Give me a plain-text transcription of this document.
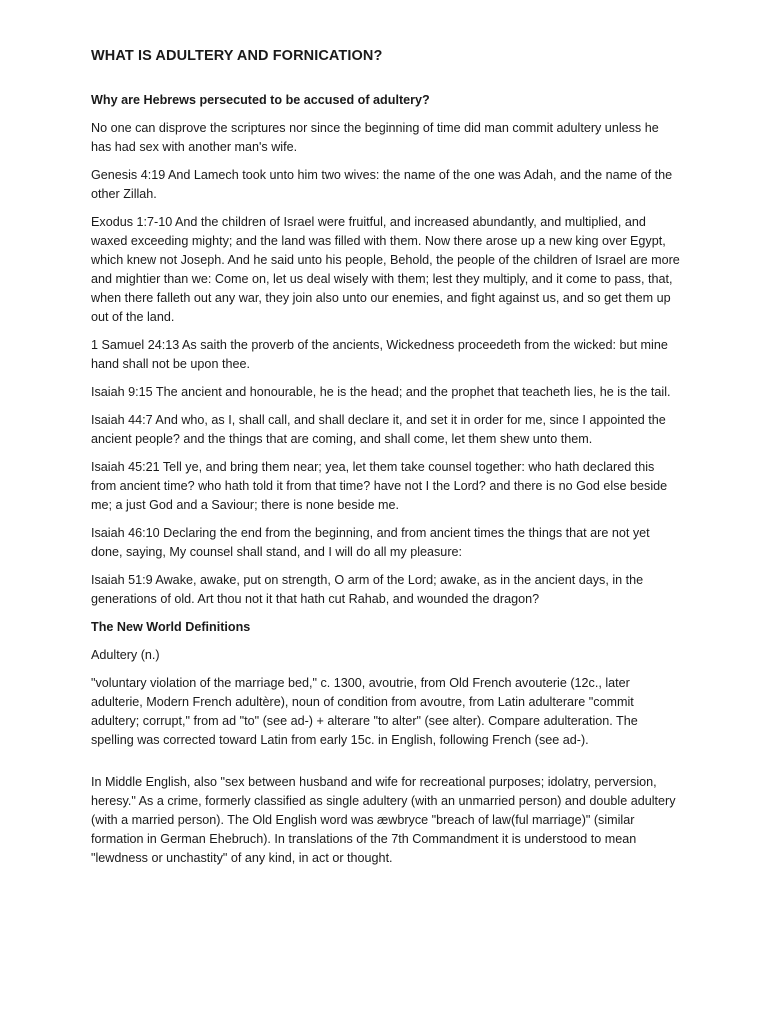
WHAT IS ADULTERY AND FORNICATION?

Why are Hebrews persecuted to be accused of adultery?

No one can disprove the scriptures nor since the beginning of time did man commit adultery unless he has had sex with another man's wife.

Genesis 4:19 And Lamech took unto him two wives: the name of the one was Adah, and the name of the other Zillah.

Exodus 1:7-10 And the children of Israel were fruitful, and increased abundantly, and multiplied, and waxed exceeding mighty; and the land was filled with them. Now there arose up a new king over Egypt, which knew not Joseph. And he said unto his people, Behold, the people of the children of Israel are more and mightier than we: Come on, let us deal wisely with them; lest they multiply, and it come to pass, that, when there falleth out any war, they join also unto our enemies, and fight against us, and so get them up out of the land.

1 Samuel 24:13 As saith the proverb of the ancients, Wickedness proceedeth from the wicked: but mine hand shall not be upon thee.

Isaiah 9:15 The ancient and honourable, he is the head; and the prophet that teacheth lies, he is the tail.

Isaiah 44:7 And who, as I, shall call, and shall declare it, and set it in order for me, since I appointed the ancient people? and the things that are coming, and shall come, let them shew unto them.

Isaiah 45:21 Tell ye, and bring them near; yea, let them take counsel together: who hath declared this from ancient time? who hath told it from that time? have not I the Lord? and there is no God else beside me; a just God and a Saviour; there is none beside me.

Isaiah 46:10 Declaring the end from the beginning, and from ancient times the things that are not yet done, saying, My counsel shall stand, and I will do all my pleasure:

Isaiah 51:9 Awake, awake, put on strength, O arm of the Lord; awake, as in the ancient days, in the generations of old. Art thou not it that hath cut Rahab, and wounded the dragon?

The New World Definitions

Adultery (n.)

"voluntary violation of the marriage bed," c. 1300, avoutrie, from Old French avouterie (12c., later adulterie, Modern French adultère), noun of condition from avoutre, from Latin adulterare "commit adultery; corrupt," from ad "to" (see ad-) + alterare "to alter" (see alter). Compare adulteration. The spelling was corrected toward Latin from early 15c. in English, following French (see ad-).

In Middle English, also "sex between husband and wife for recreational purposes; idolatry, perversion, heresy." As a crime, formerly classified as single adultery (with an unmarried person) and double adultery (with a married person). The Old English word was æwbryce "breach of law(ful marriage)" (similar formation in German Ehebruch). In translations of the 7th Commandment it is understood to mean "lewdness or unchastity" of any kind, in act or thought.
